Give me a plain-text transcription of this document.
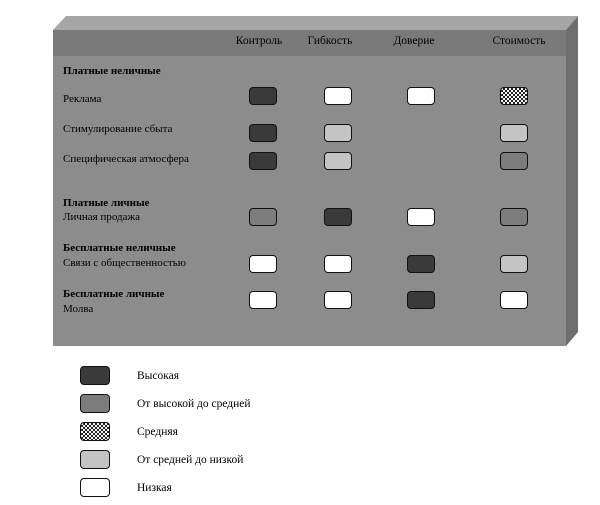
Контроль Гибкость	Доверие	Стоимость
Платные неличные
Реклама
Стимулирование сбыта
Специфическая атмосфера
Платные личные
Личная продажа
Бесплатные неличные
Связи с общественностью
Бесплатные личные
Молва
Высокая
От высокой до средней
Средняя
От средней до низкой
Низкая
